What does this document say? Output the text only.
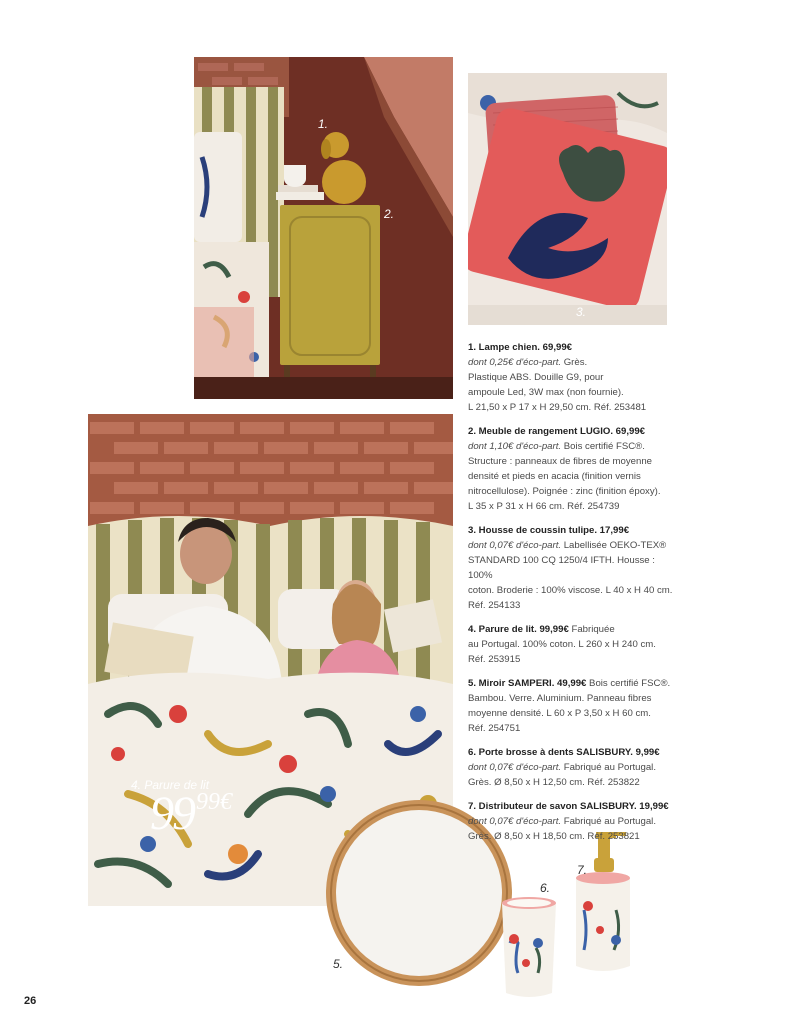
1.
2.
3.
4. Parure de lit
9999€
5.
6.
7.
1. Lampe chien. 69,99€
dont 0,25€ d'éco-part. Grès.
Plastique ABS. Douille G9, pour
ampoule Led, 3W max (non fournie).
L 21,50 x P 17 x H 29,50 cm. Réf. 253481
2. Meuble de rangement LUGIO. 69,99€
dont 1,10€ d'éco-part. Bois certifié FSC®.
Structure : panneaux de fibres de moyenne
densité et pieds en acacia (finition vernis
nitrocellulose). Poignée : zinc (finition époxy).
L 35 x P 31 x H 66 cm. Réf. 254739
3. Housse de coussin tulipe. 17,99€
dont 0,07€ d'éco-part. Labellisée OEKO-TEX®
STANDARD 100 CQ 1250/4 IFTH. Housse : 100%
coton. Broderie : 100% viscose. L 40 x H 40 cm.
Réf. 254133
4. Parure de lit. 99,99€ Fabriquée
au Portugal. 100% coton. L 260 x H 240 cm.
Réf. 253915
5. Miroir SAMPERI. 49,99€ Bois certifié FSC®.
Bambou. Verre. Aluminium. Panneau fibres
moyenne densité. L 60 x P 3,50 x H 60 cm.
Réf. 254751
6. Porte brosse à dents SALISBURY. 9,99€
dont 0,07€ d'éco-part. Fabriqué au Portugal.
Grès. Ø 8,50 x H 12,50 cm. Réf. 253822
7. Distributeur de savon SALISBURY. 19,99€
dont 0,07€ d'éco-part. Fabriqué au Portugal.
Grès. Ø 8,50 x H 18,50 cm. Réf. 253821
26
